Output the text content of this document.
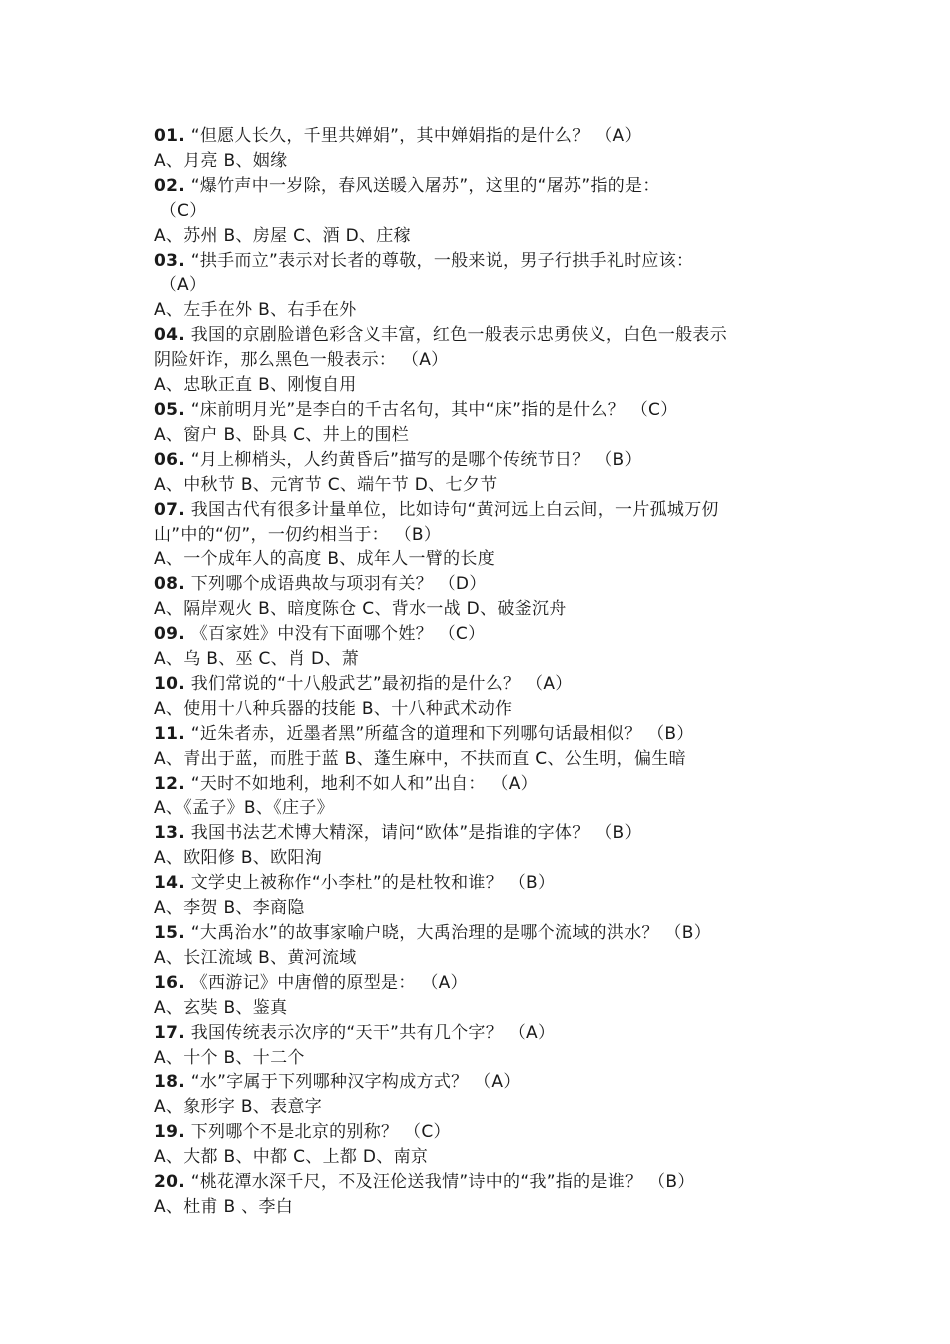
01. “但愿人长久，千里共婵娟”，其中婵娟指的是什么？ （A）
A、月亮 B、姻缘
02. “爆竹声中一岁除，春风送暖入屠苏”，这里的“屠苏”指的是：
（C）
A、苏州 B、房屋 C、酒 D、庄稼
03. “拱手而立”表示对长者的尊敬，一般来说，男子行拱手礼时应该：
（A）
A、左手在外 B、右手在外
04. 我国的京剧脸谱色彩含义丰富，红色一般表示忠勇侠义，白色一般表示
阴险奸诈，那么黑色一般表示： （A）
A、忠耿正直 B、刚愎自用
05. “床前明月光”是李白的千古名句，其中“床”指的是什么？ （C）
A、窗户 B、卧具 C、井上的围栏
06. “月上柳梢头，人约黄昏后”描写的是哪个传统节日？ （B）
A、中秋节 B、元宵节 C、端午节 D、七夕节
07. 我国古代有很多计量单位，比如诗句“黄河远上白云间，一片孤城万仞
山”中的“仞”，一仞约相当于： （B）
A、一个成年人的高度 B、成年人一臂的长度
08. 下列哪个成语典故与项羽有关？ （D）
A、隔岸观火 B、暗度陈仓 C、背水一战 D、破釜沉舟
09. 《百家姓》中没有下面哪个姓？ （C）
A、乌 B、巫 C、肖 D、萧
10. 我们常说的“十八般武艺”最初指的是什么？ （A）
A、使用十八种兵器的技能 B、十八种武术动作
11. “近朱者赤，近墨者黑”所蕴含的道理和下列哪句话最相似？ （B）
A、青出于蓝，而胜于蓝 B、蓬生麻中，不扶而直 C、公生明，偏生暗
12. “天时不如地利，地利不如人和”出自： （A）
A、《孟子》B、《庄子》
13. 我国书法艺术博大精深，请问“欧体”是指谁的字体？ （B）
A、欧阳修 B、欧阳洵
14. 文学史上被称作“小李杜”的是杜牧和谁？ （B）
A、李贺 B、李商隐
15. “大禹治水”的故事家喻户晓，大禹治理的是哪个流域的洪水？ （B）
A、长江流域 B、黄河流域
16. 《西游记》中唐僧的原型是： （A）
A、玄奘 B、鉴真
17. 我国传统表示次序的“天干”共有几个字？ （A）
A、十个 B、十二个
18. “水”字属于下列哪种汉字构成方式？ （A）
A、象形字 B、表意字
19. 下列哪个不是北京的别称？ （C）
A、大都 B、中都 C、上都 D、南京
20. “桃花潭水深千尺，不及汪伦送我情”诗中的“我”指的是谁？ （B）
A、杜甫 B 、李白
